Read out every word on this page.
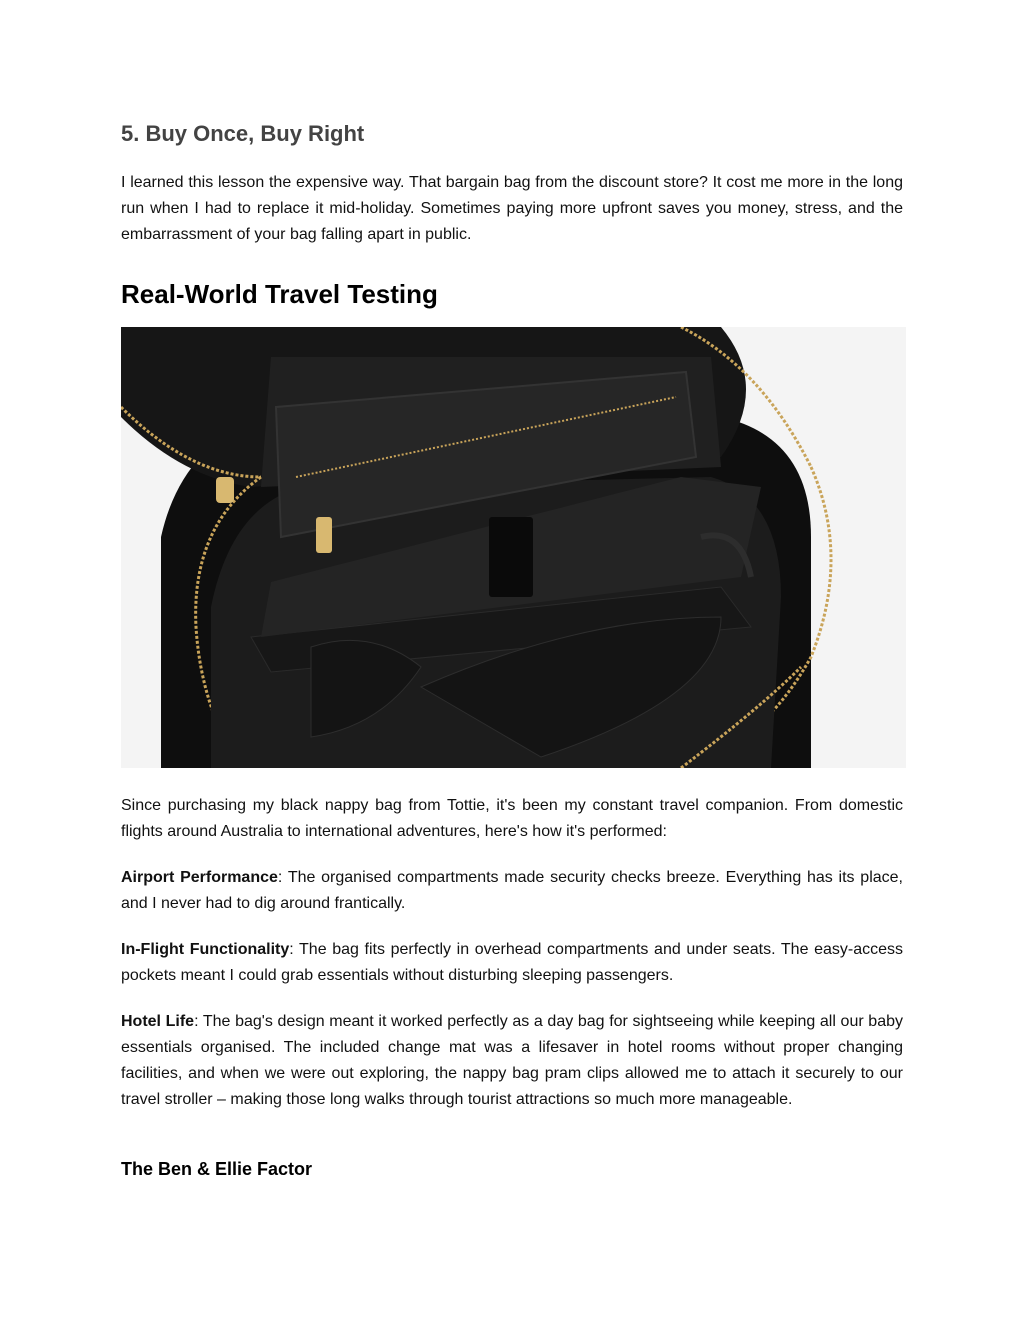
5. Buy Once, Buy Right

I learned this lesson the expensive way. That bargain bag from the discount store? It cost me more in the long run when I had to replace it mid-holiday. Sometimes paying more upfront saves you money, stress, and the embarrassment of your bag falling apart in public.

Real-World Travel Testing

Since purchasing my black nappy bag from Tottie, it's been my constant travel companion. From domestic flights around Australia to international adventures, here's how it's performed:

Airport Performance: The organised compartments made security checks breeze. Everything has its place, and I never had to dig around frantically.

In-Flight Functionality: The bag fits perfectly in overhead compartments and under seats. The easy-access pockets meant I could grab essentials without disturbing sleeping passengers.

Hotel Life: The bag's design meant it worked perfectly as a day bag for sightseeing while keeping all our baby essentials organised. The included change mat was a lifesaver in hotel rooms without proper changing facilities, and when we were out exploring, the nappy bag pram clips allowed me to attach it securely to our travel stroller – making those long walks through tourist attractions so much more manageable.

The Ben & Ellie Factor
